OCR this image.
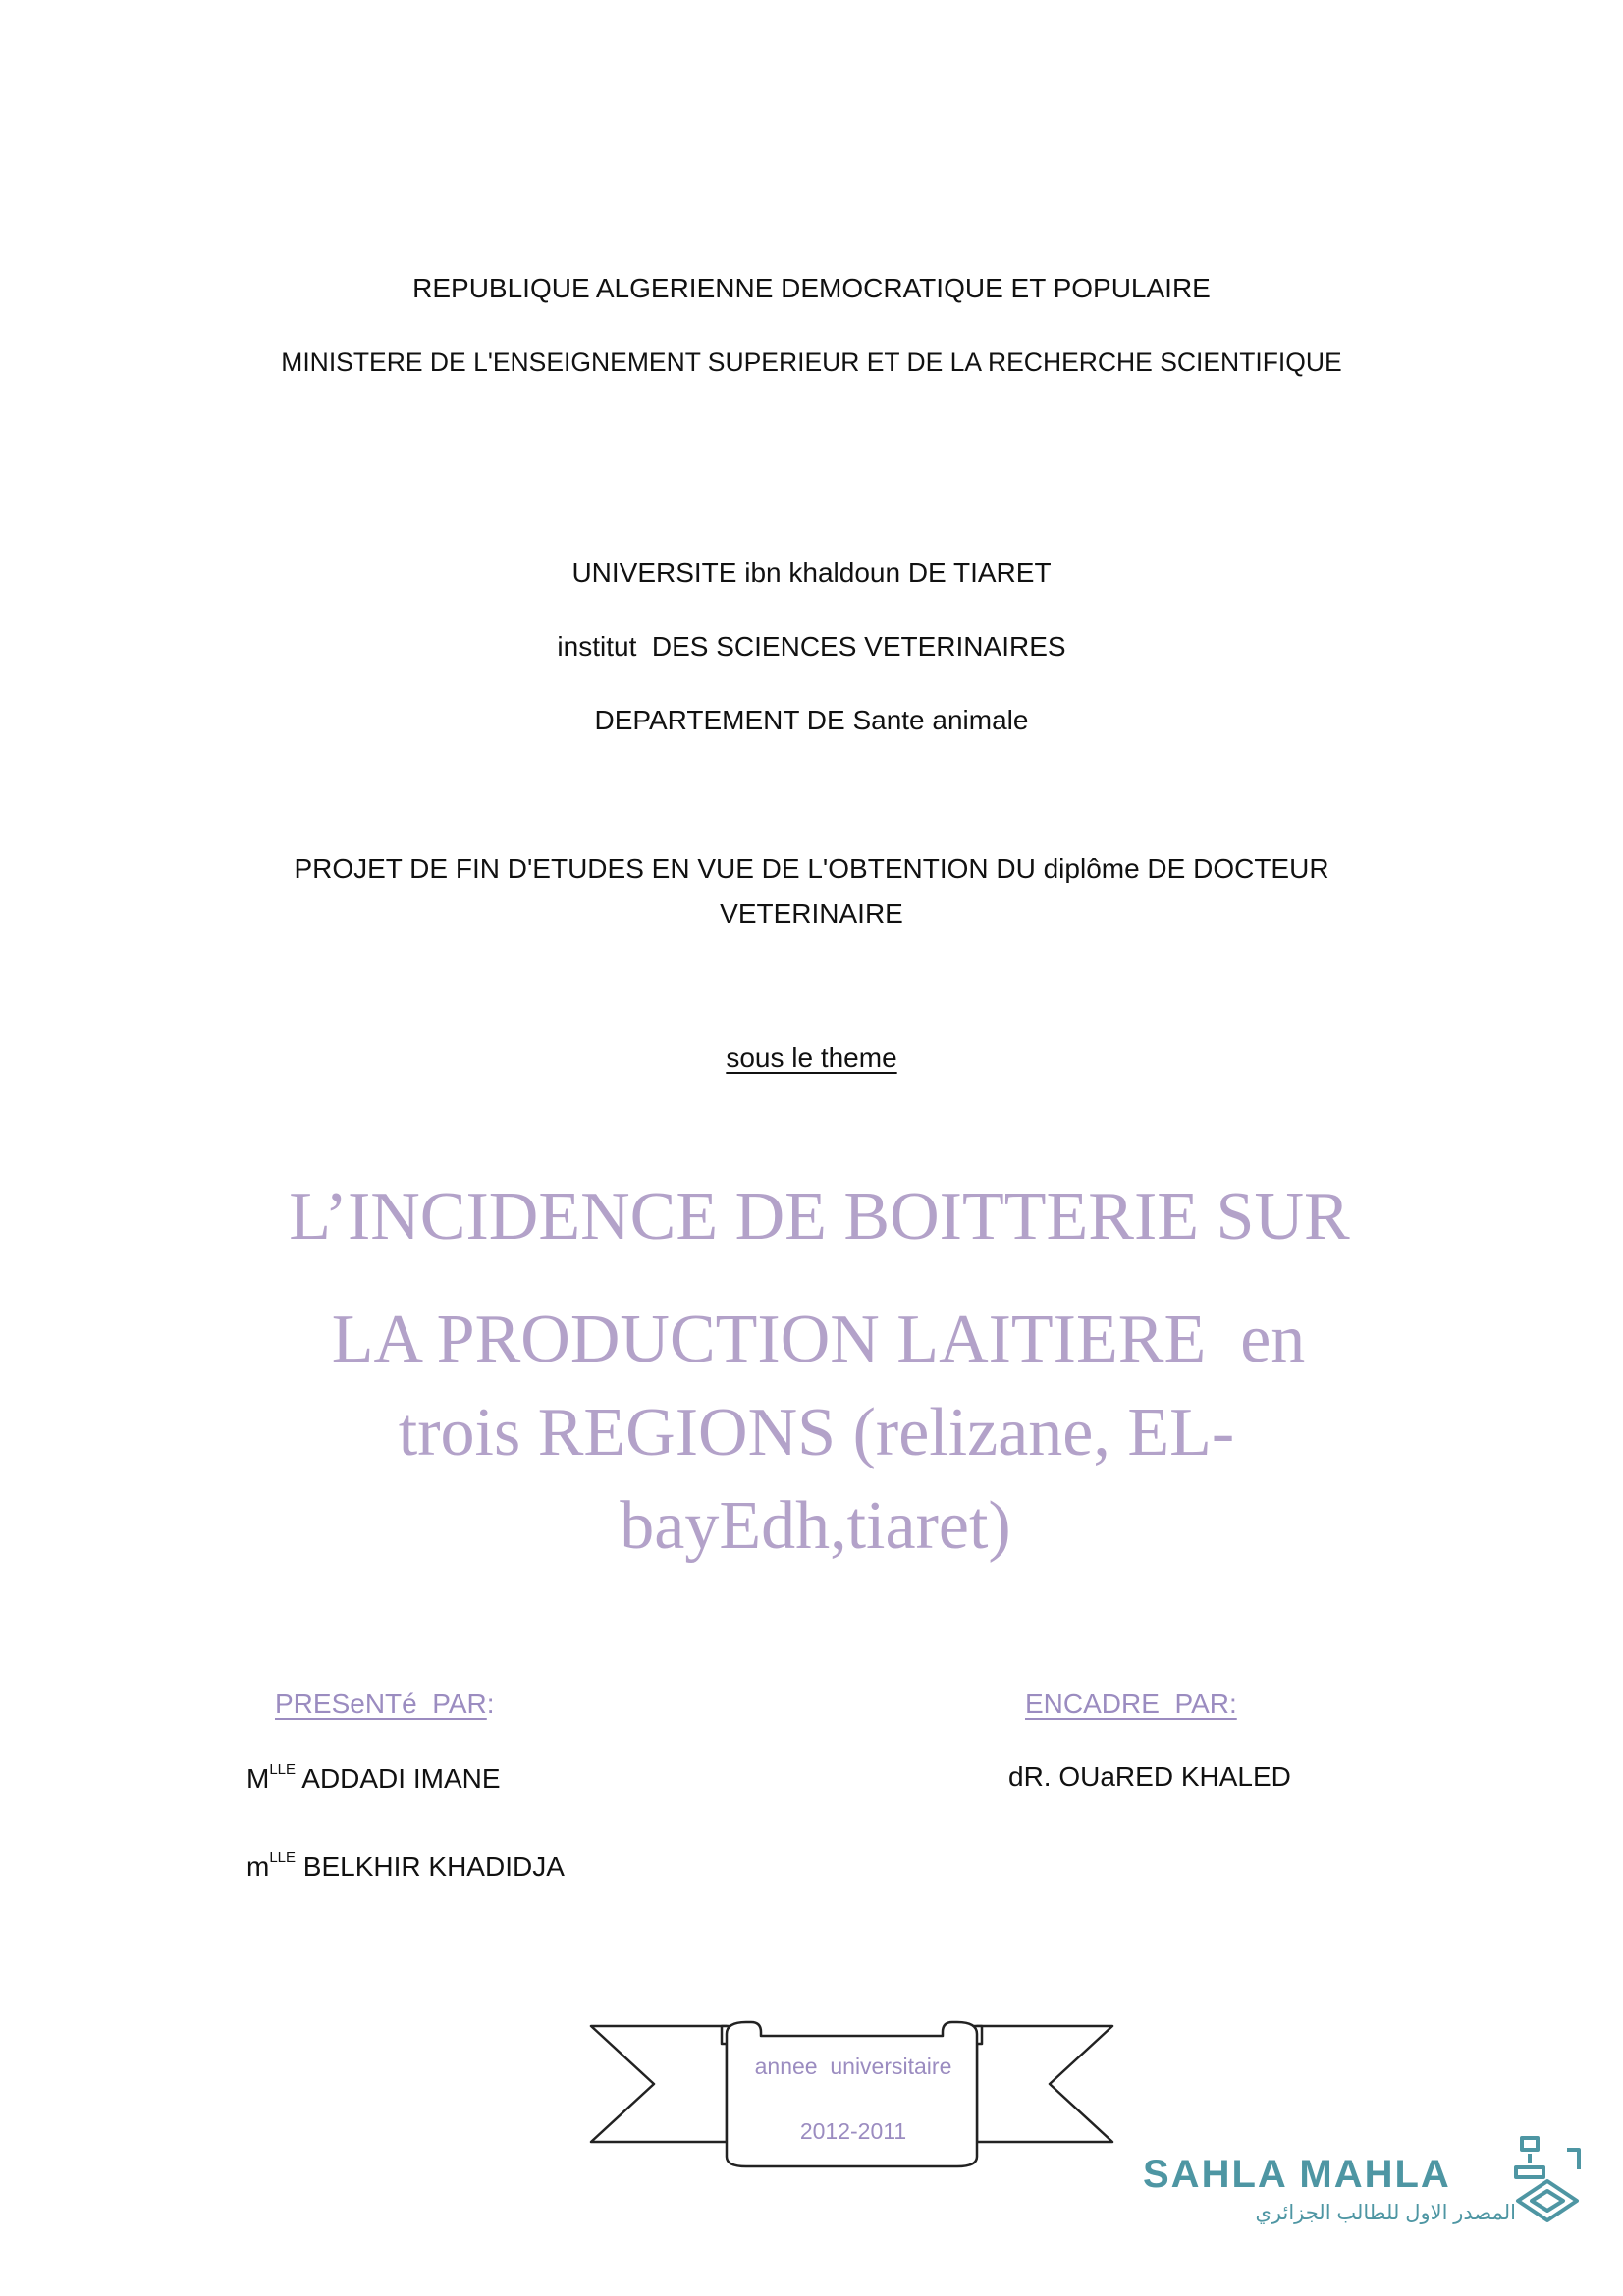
REPUBLIQUE ALGERIENNE DEMOCRATIQUE ET POPULAIRE
MINISTERE DE L'ENSEIGNEMENT SUPERIEUR ET DE LA RECHERCHE SCIENTIFIQUE
UNIVERSITE ibn khaldoun DE TIARET
institut  DES SCIENCES VETERINAIRES
DEPARTEMENT DE Sante animale
PROJET DE FIN D'ETUDES EN VUE DE L'OBTENTION DU diplôme DE DOCTEUR
VETERINAIRE
sous le theme
L’INCIDENCE DE BOITTERIE SUR
LA PRODUCTION LAITIERE  en
trois REGIONS (relizane, EL-
bayEdh,tiaret)
PRESeNTé  PAR:	ENCADRE  PAR:
$M^{LLE}$ ADDADI IMANE
$m^{LLE}$ BELKHIR KHADIDJA
dR. OUaRED KHALED
annee  universitaire
2012-2011
SAHLA MAHLA
المصدر الاول للطالب الجزائري
